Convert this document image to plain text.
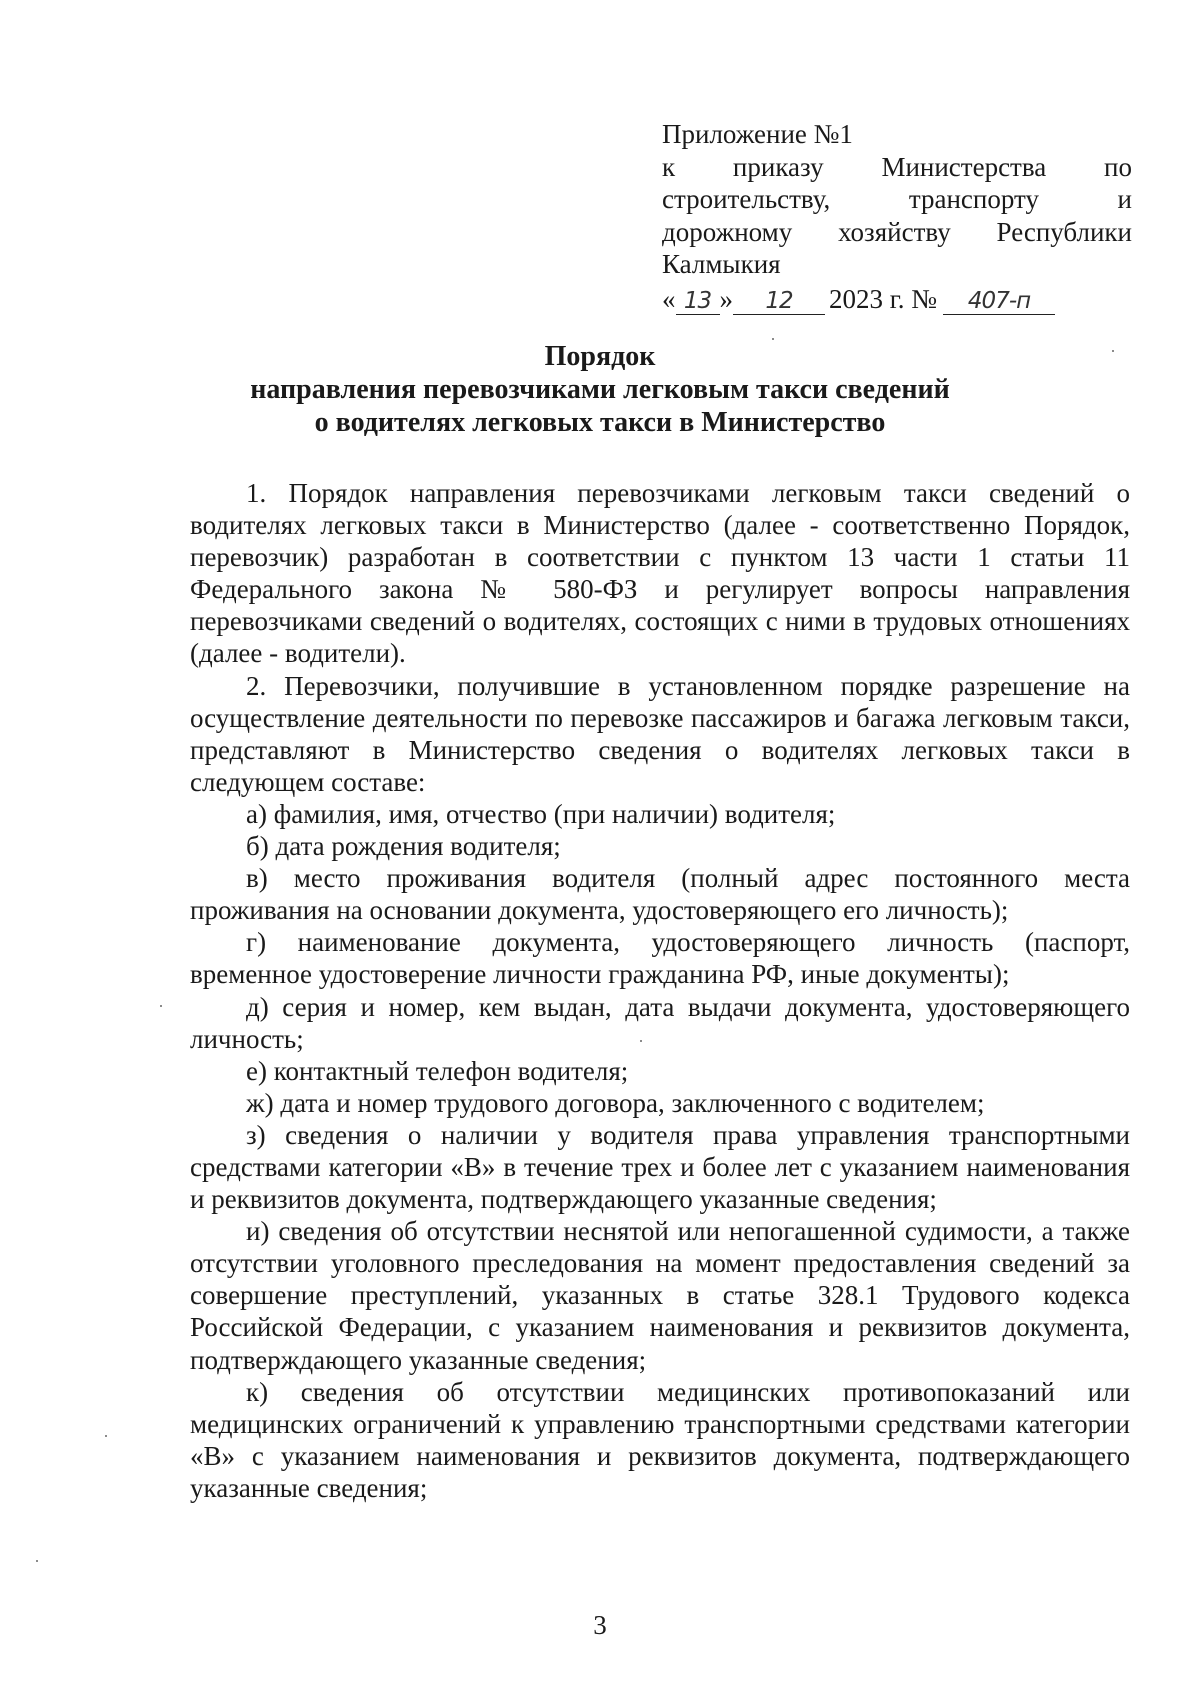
Приложение №1
к приказу Министерства по
строительству, транспорту и
дорожному хозяйству Республики
Калмыкия
« 13 »	12	2023 г. №	407-п
Порядок
направления перевозчиками легковым такси сведений
о водителях легковых такси в Министерство

1. Порядок направления перевозчиками легковым такси сведений о водителях легковых такси в Министерство (далее - соответственно Порядок, перевозчик) разработан в соответствии с пунктом 13 части 1 статьи 11 Федерального закона № 580-ФЗ и регулирует вопросы направления перевозчиками сведений о водителях, состоящих с ними в трудовых отношениях (далее - водители).

2. Перевозчики, получившие в установленном порядке разрешение на осуществление деятельности по перевозке пассажиров и багажа легковым такси, представляют в Министерство сведения о водителях легковых такси в следующем составе:

а) фамилия, имя, отчество (при наличии) водителя;

б) дата рождения водителя;

в) место проживания водителя (полный адрес постоянного места проживания на основании документа, удостоверяющего его личность);

г) наименование документа, удостоверяющего личность (паспорт, временное удостоверение личности гражданина РФ, иные документы);

д) серия и номер, кем выдан, дата выдачи документа, удостоверяющего личность;

е) контактный телефон водителя;

ж) дата и номер трудового договора, заключенного с водителем;

з) сведения о наличии у водителя права управления транспортными средствами категории «В» в течение трех и более лет с указанием наименования и реквизитов документа, подтверждающего указанные сведения;

и) сведения об отсутствии неснятой или непогашенной судимости, а также отсутствии уголовного преследования на момент предоставления сведений за совершение преступлений, указанных в статье 328.1 Трудового кодекса Российской Федерации, с указанием наименования и реквизитов документа, подтверждающего указанные сведения;

к) сведения об отсутствии медицинских противопоказаний или медицинских ограничений к управлению транспортными средствами категории «В» с указанием наименования и реквизитов документа, подтверждающего указанные сведения;

3
